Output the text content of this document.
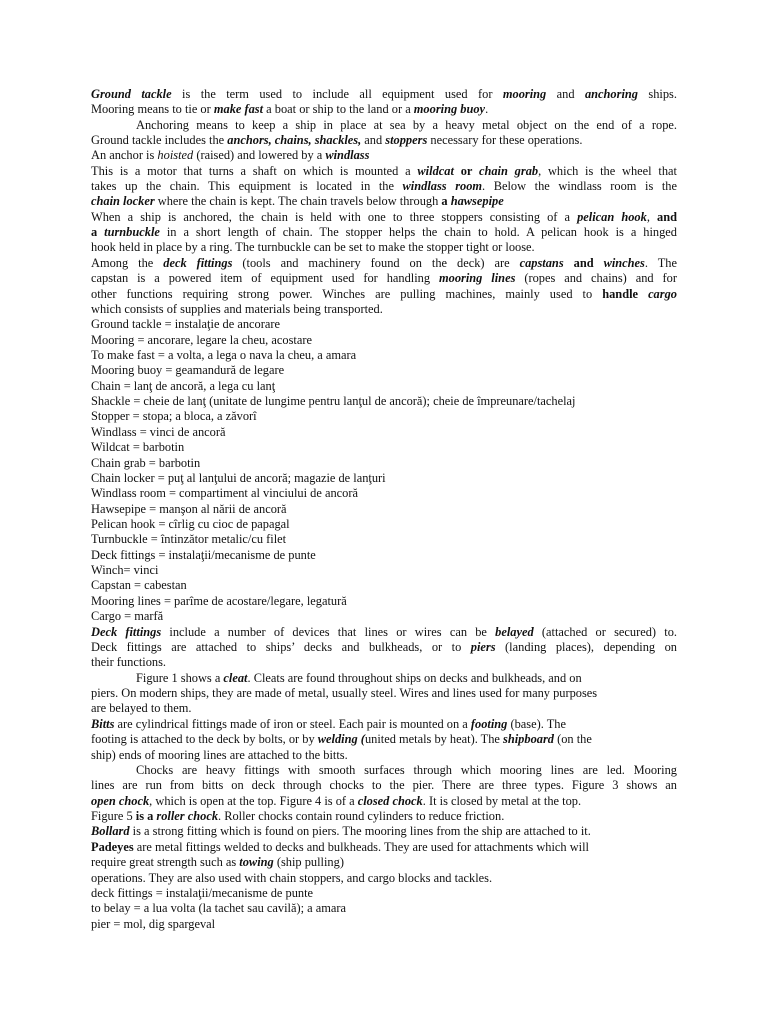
Ground tackle is the term used to include all equipment used for mooring and anchoring ships.
Mooring means to tie or make fast a boat or ship to the land or a mooring buoy.
Anchoring means to keep a ship in place at sea by a heavy metal object on the end of a rope.
Ground tackle includes the anchors, chains, shackles, and stoppers necessary for these operations.
An anchor is hoisted (raised) and lowered by a windlass
This is a motor that turns a shaft on which is mounted a wildcat or chain grab, which is the wheel that
takes up the chain. This equipment is located in the windlass room. Below the windlass room is the
chain locker where the chain is kept. The chain travels below through a hawsepipe
When a ship is anchored, the chain is held with one to three stoppers consisting of a pelican hook, and
a turnbuckle in a short length of chain. The stopper helps the chain to hold. A pelican hook is a hinged
hook held in place by a ring. The turnbuckle can be set to make the stopper tight or loose.
Among the deck fittings (tools and machinery found on the deck) are capstans and winches. The
capstan is a powered item of equipment used for handling mooring lines (ropes and chains) and for
other functions requiring strong power. Winches are pulling machines, mainly used to handle cargo
which consists of supplies and materials being transported.
Ground tackle = instalaţie de ancorare
Mooring = ancorare, legare la cheu, acostare
To make fast = a volta, a lega o nava la cheu, a amara
Mooring buoy = geamandură de legare
Chain = lanţ de ancoră, a lega cu lanţ
Shackle = cheie de lanţ (unitate de lungime pentru lanţul de ancoră); cheie de împreunare/tachelaj
Stopper = stopa; a bloca, a zăvorî
Windlass = vinci de ancoră
Wildcat = barbotin
Chain grab = barbotin
Chain locker = puţ al lanţului de ancoră; magazie de lanţuri
Windlass room = compartiment al vinciului de ancoră
Hawsepipe = manşon al nării de ancoră
Pelican hook = cîrlig cu cioc de papagal
Turnbuckle = întinzător metalic/cu filet
Deck fittings = instalaţii/mecanisme de punte
Winch= vinci
Capstan = cabestan
Mooring lines = parîme de acostare/legare, legatură
Cargo = marfă
Deck fittings include a number of devices that lines or wires can be belayed (attached or secured) to.
Deck fittings are attached to ships’ decks and bulkheads, or to piers (landing places), depending on
their functions.
Figure 1 shows a cleat. Cleats are found throughout ships on decks and bulkheads, and on
piers. On modern ships, they are made of metal, usually steel. Wires and lines used for many purposes
are belayed to them.
Bitts are cylindrical fittings made of iron or steel. Each pair is mounted on a footing (base). The
footing is attached to the deck by bolts, or by welding (united metals by heat). The shipboard (on the
ship) ends of mooring lines are attached to the bitts.
Chocks are heavy fittings with smooth surfaces through which mooring lines are led. Mooring
lines are run from bitts on deck through chocks to the pier. There are three types. Figure 3 shows an
open chock, which is open at the top. Figure 4 is of a closed chock. It is closed by metal at the top.
Figure 5 is a roller chock. Roller chocks contain round cylinders to reduce friction.
Bollard is a strong fitting which is found on piers. The mooring lines from the ship are attached to it.
Padeyes are metal fittings welded to decks and bulkheads. They are used for attachments which will
require great strength such as towing (ship pulling)
operations. They are also used with chain stoppers, and cargo blocks and tackles.
deck fittings = instalaţii/mecanisme de punte
to belay = a lua volta (la tachet sau cavilă); a amara
pier = mol, dig spargeval
